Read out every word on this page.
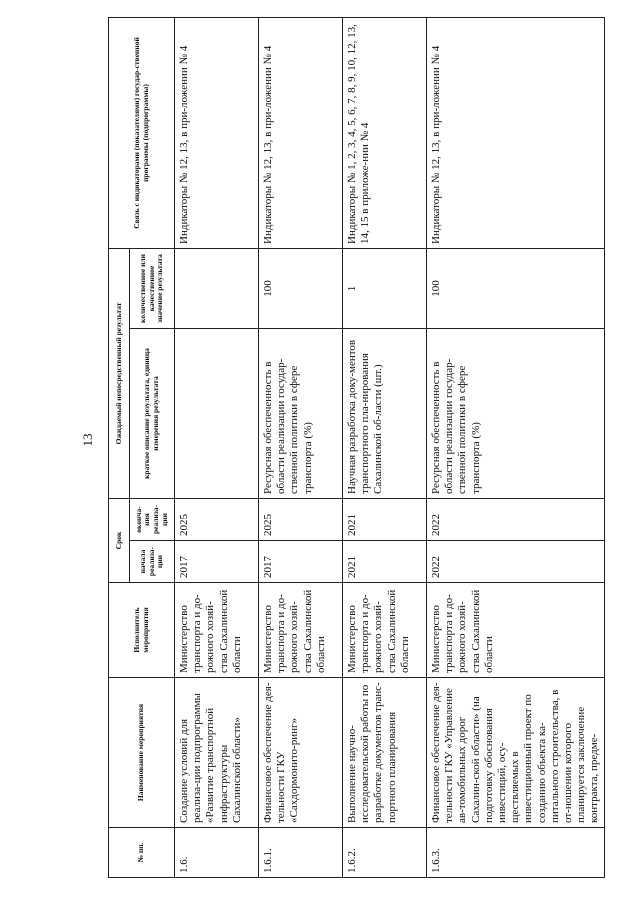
13
№ пп.	Наименование мероприятия	Исполнитель мероприятия	Срок		Ожидаемый непосредственный результат		Связь с индикаторами (показателями) государ-ственной программы (подпрограммы)
			начала реализа-ции	оконча-ния реализа-ции	краткое описание результата, единица измерения результата	количественное или качественное значение результата	
1.6.	Создание условий для реализа-ции подпрограммы «Развитие транспортной инфраструктуры Сахалинской области»	Министерство транспорта и до-рожного хозяй-ства Сахалинской области	2017	2025			Индикаторы № 12, 13, в при-ложении № 4
1.6.1.	Финансовое обеспечение дея-тельности ГКУ «Сахдормонито-ринг»	Министерство транспорта и до-рожного хозяй-ства Сахалинской области	2017	2025	Ресурсная обеспеченность в области реализации государ-ственной политики в сфере транспорта (%)	100	Индикаторы № 12, 13, в при-ложении № 4
1.6.2.	Выполнение научно-исследовательской работы по разработке документов транс-портного планирования	Министерство транспорта и до-рожного хозяй-ства Сахалинской области	2021	2021	Научная разработка доку-ментов транспортного пла-нирования Сахалинской об-ласти (шт.)	1	Индикаторы № 1, 2, 3, 4, 5, 6, 7, 8, 9, 10, 12, 13, 14, 15 в приложе-нии № 4
1.6.3.	Финансовое обеспечение дея-тельности ГКУ «Управление ав-томобильных дорог Сахалин-ской области» (на подготовку обоснования инвестиций, осу-ществляемых в инвестиционный проект по созданию объекта ка-питального строительства, в от-ношении которого планируется заключение контракта, предме-	Министерство транспорта и до-рожного хозяй-ства Сахалинской области	2022	2022	Ресурсная обеспеченность в области реализации государ-ственной политики в сфере транспорта (%)	100	Индикаторы № 12, 13, в при-ложении № 4
